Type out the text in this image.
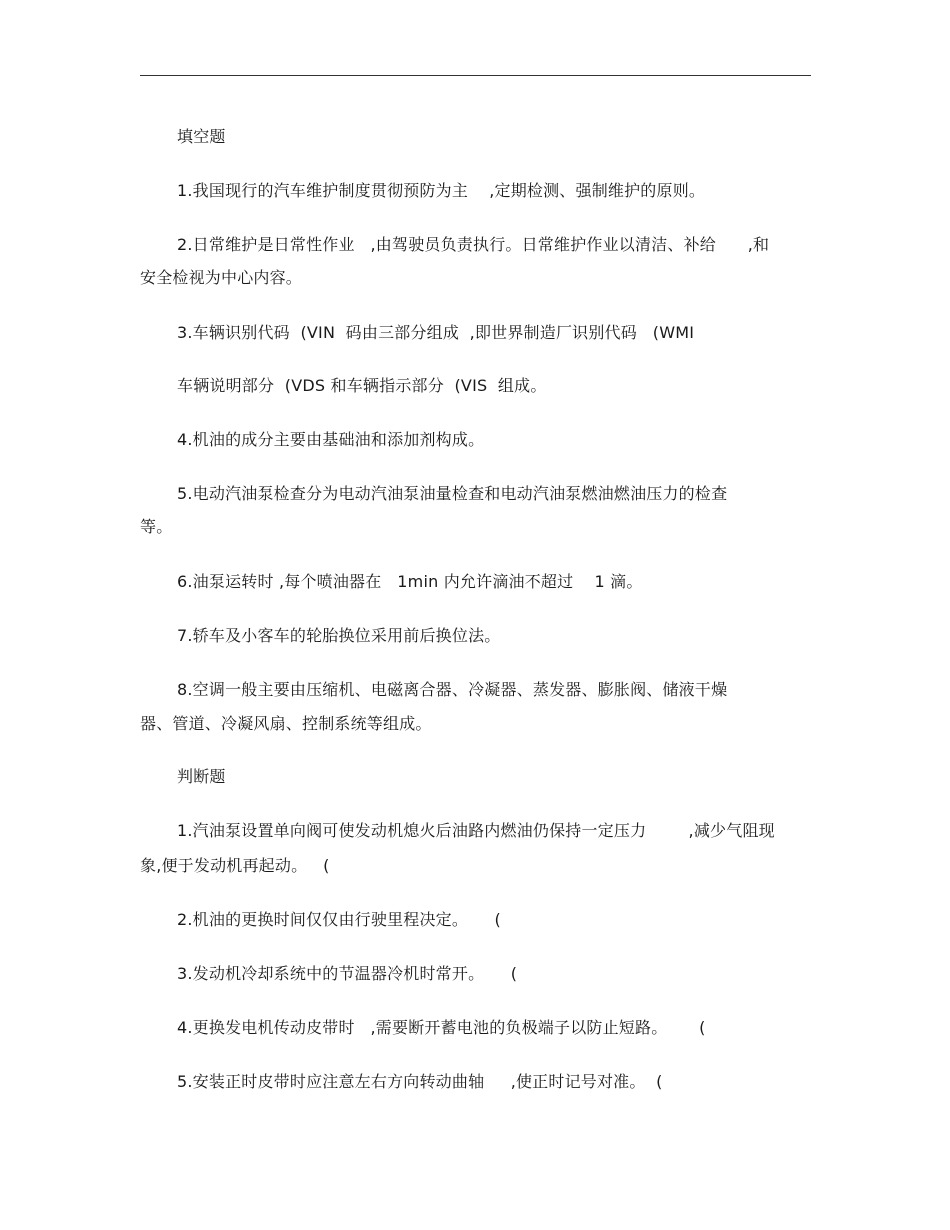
填空题
1.我国现行的汽车维护制度贯彻预防为主    ,定期检测、强制维护的原则。
2.日常维护是日常性作业   ,由驾驶员负责执行。日常维护作业以清洁、补给      ,和
安全检视为中心内容。
3.车辆识别代码  (VIN  码由三部分组成  ,即世界制造厂识别代码   (WMI
车辆说明部分  (VDS 和车辆指示部分  (VIS  组成。
4.机油的成分主要由基础油和添加剂构成。
5.电动汽油泵检查分为电动汽油泵油量检查和电动汽油泵燃油燃油压力的检查
等。
6.油泵运转时 ,每个喷油器在   1min 内允许滴油不超过    1 滴。
7.轿车及小客车的轮胎换位采用前后换位法。
8.空调一般主要由压缩机、电磁离合器、冷凝器、蒸发器、膨胀阀、储液干燥
器、管道、冷凝风扇、控制系统等组成。
判断题
1.汽油泵设置单向阀可使发动机熄火后油路内燃油仍保持一定压力        ,减少气阻现
象,便于发动机再起动。   (
2.机油的更换时间仅仅由行驶里程决定。     (
3.发动机冷却系统中的节温器冷机时常开。     (
4.更换发电机传动皮带时   ,需要断开蓄电池的负极端子以防止短路。      (
5.安装正时皮带时应注意左右方向转动曲轴     ,使正时记号对准。  (
